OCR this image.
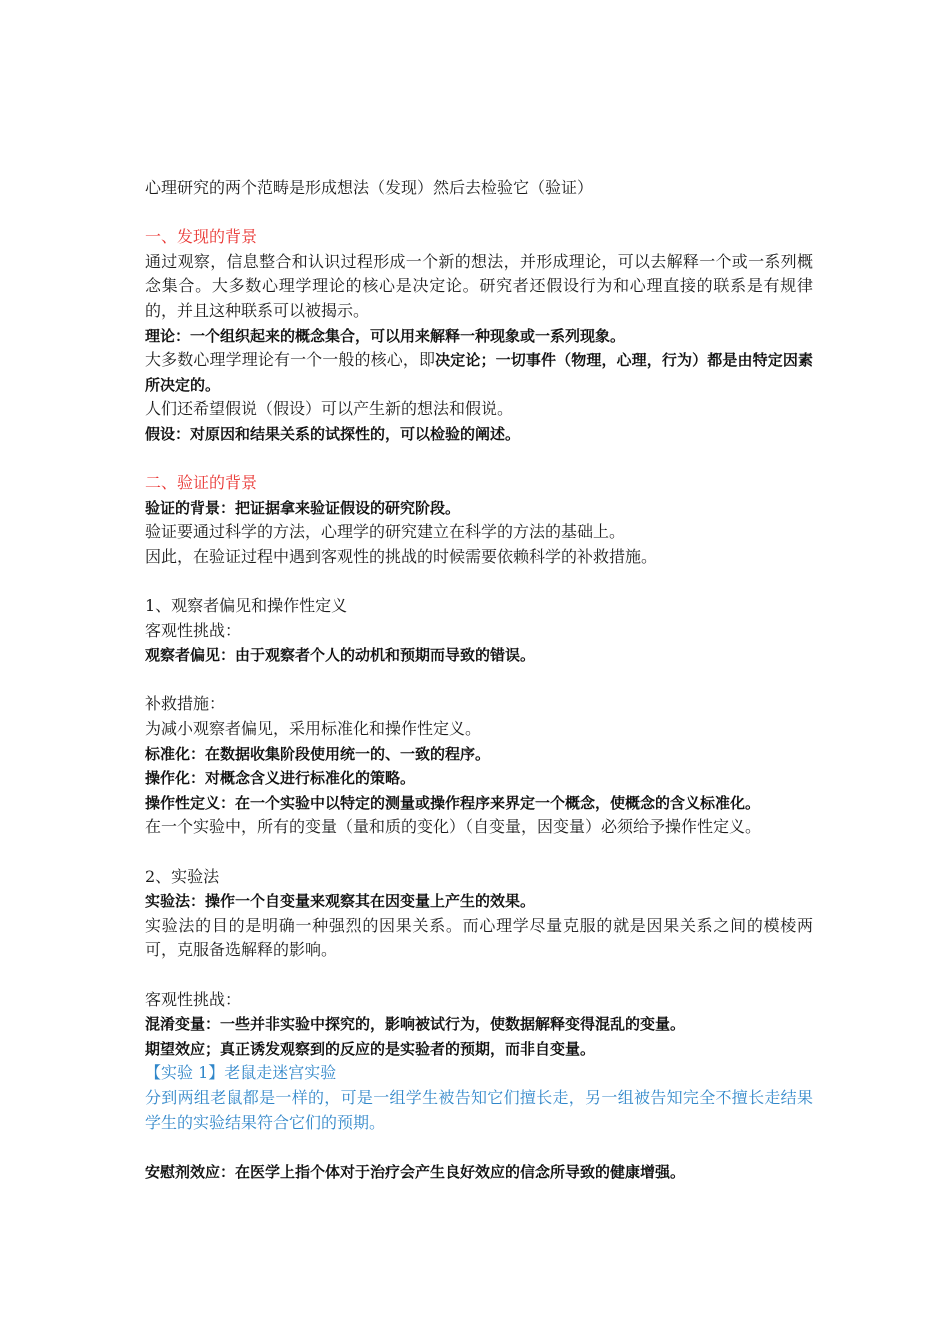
心理研究的两个范畴是形成想法（发现）然后去检验它（验证）
一、发现的背景
通过观察，信息整合和认识过程形成一个新的想法，并形成理论，可以去解释一个或一系列概念集合。大多数心理学理论的核心是决定论。研究者还假设行为和心理直接的联系是有规律的，并且这种联系可以被揭示。
理论：一个组织起来的概念集合，可以用来解释一种现象或一系列现象。
大多数心理学理论有一个一般的核心，即决定论；一切事件（物理，心理，行为）都是由特定因素所决定的。
人们还希望假说（假设）可以产生新的想法和假说。
假设：对原因和结果关系的试探性的，可以检验的阐述。
二、验证的背景
验证的背景：把证据拿来验证假设的研究阶段。
验证要通过科学的方法，心理学的研究建立在科学的方法的基础上。
因此，在验证过程中遇到客观性的挑战的时候需要依赖科学的补救措施。
1、观察者偏见和操作性定义
客观性挑战：
观察者偏见：由于观察者个人的动机和预期而导致的错误。
补救措施：
为减小观察者偏见，采用标准化和操作性定义。
标准化：在数据收集阶段使用统一的、一致的程序。
操作化：对概念含义进行标准化的策略。
操作性定义：在一个实验中以特定的测量或操作程序来界定一个概念，使概念的含义标准化。
在一个实验中，所有的变量（量和质的变化）（自变量，因变量）必须给予操作性定义。
2、实验法
实验法：操作一个自变量来观察其在因变量上产生的效果。
实验法的目的是明确一种强烈的因果关系。而心理学尽量克服的就是因果关系之间的模棱两可，克服备选解释的影响。
客观性挑战：
混淆变量：一些并非实验中探究的，影响被试行为，使数据解释变得混乱的变量。
期望效应；真正诱发观察到的反应的是实验者的预期，而非自变量。
【实验 1】老鼠走迷宫实验
分到两组老鼠都是一样的，可是一组学生被告知它们擅长走，另一组被告知完全不擅长走结果学生的实验结果符合它们的预期。
安慰剂效应：在医学上指个体对于治疗会产生良好效应的信念所导致的健康增强。
